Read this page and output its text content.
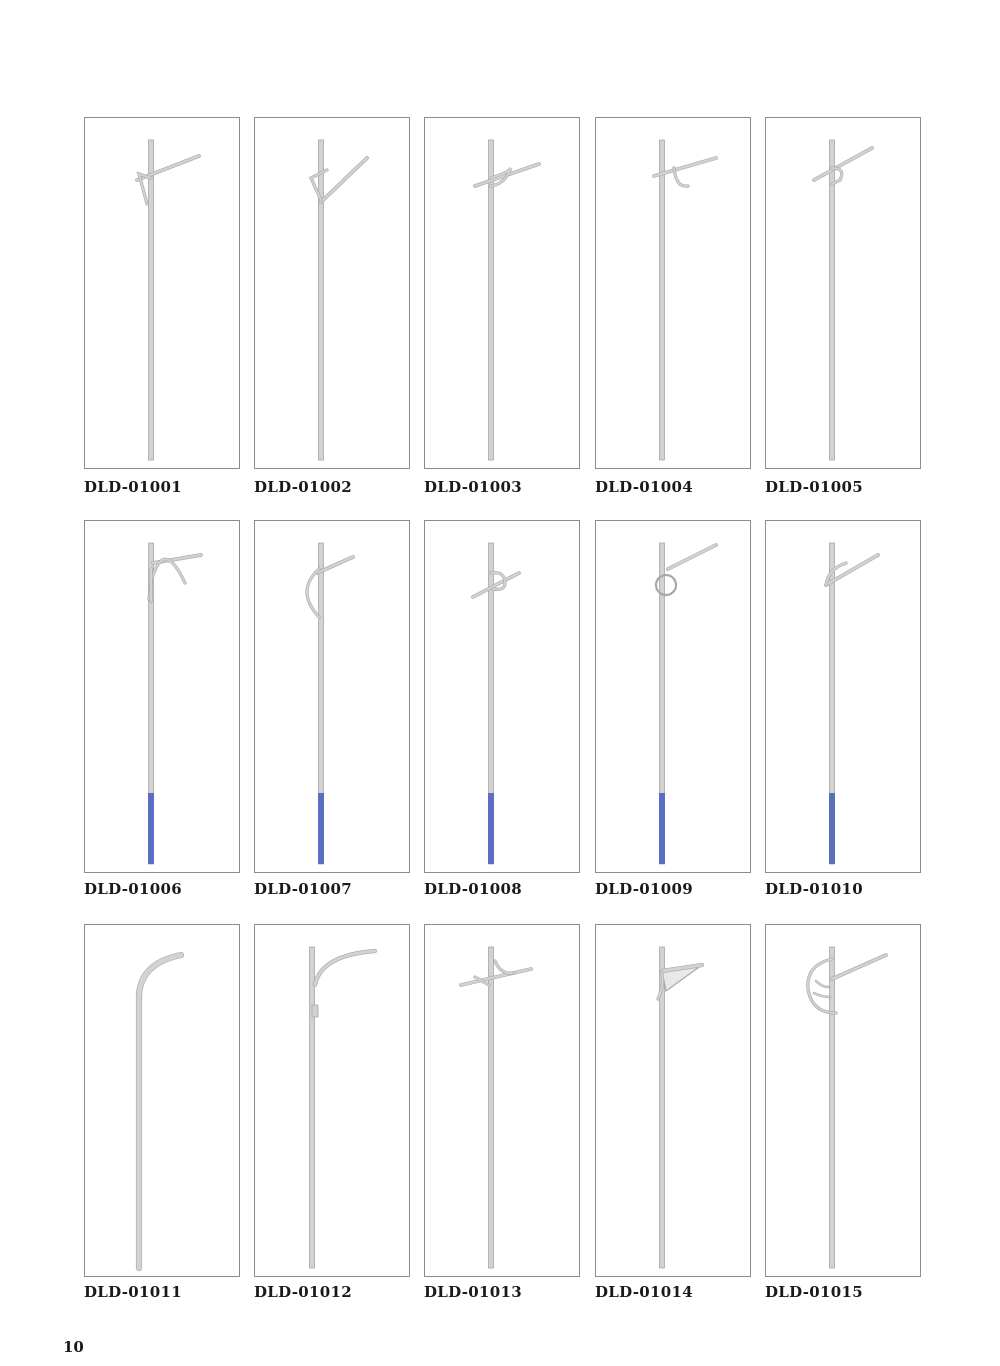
DLD-01001	DLD-01002	DLD-01003	DLD-01004	DLD-01005
DLD-01006	DLD-01007	DLD-01008	DLD-01009	DLD-01010
DLD-01011	DLD-01012	DLD-01013	DLD-01014	DLD-01015
10
